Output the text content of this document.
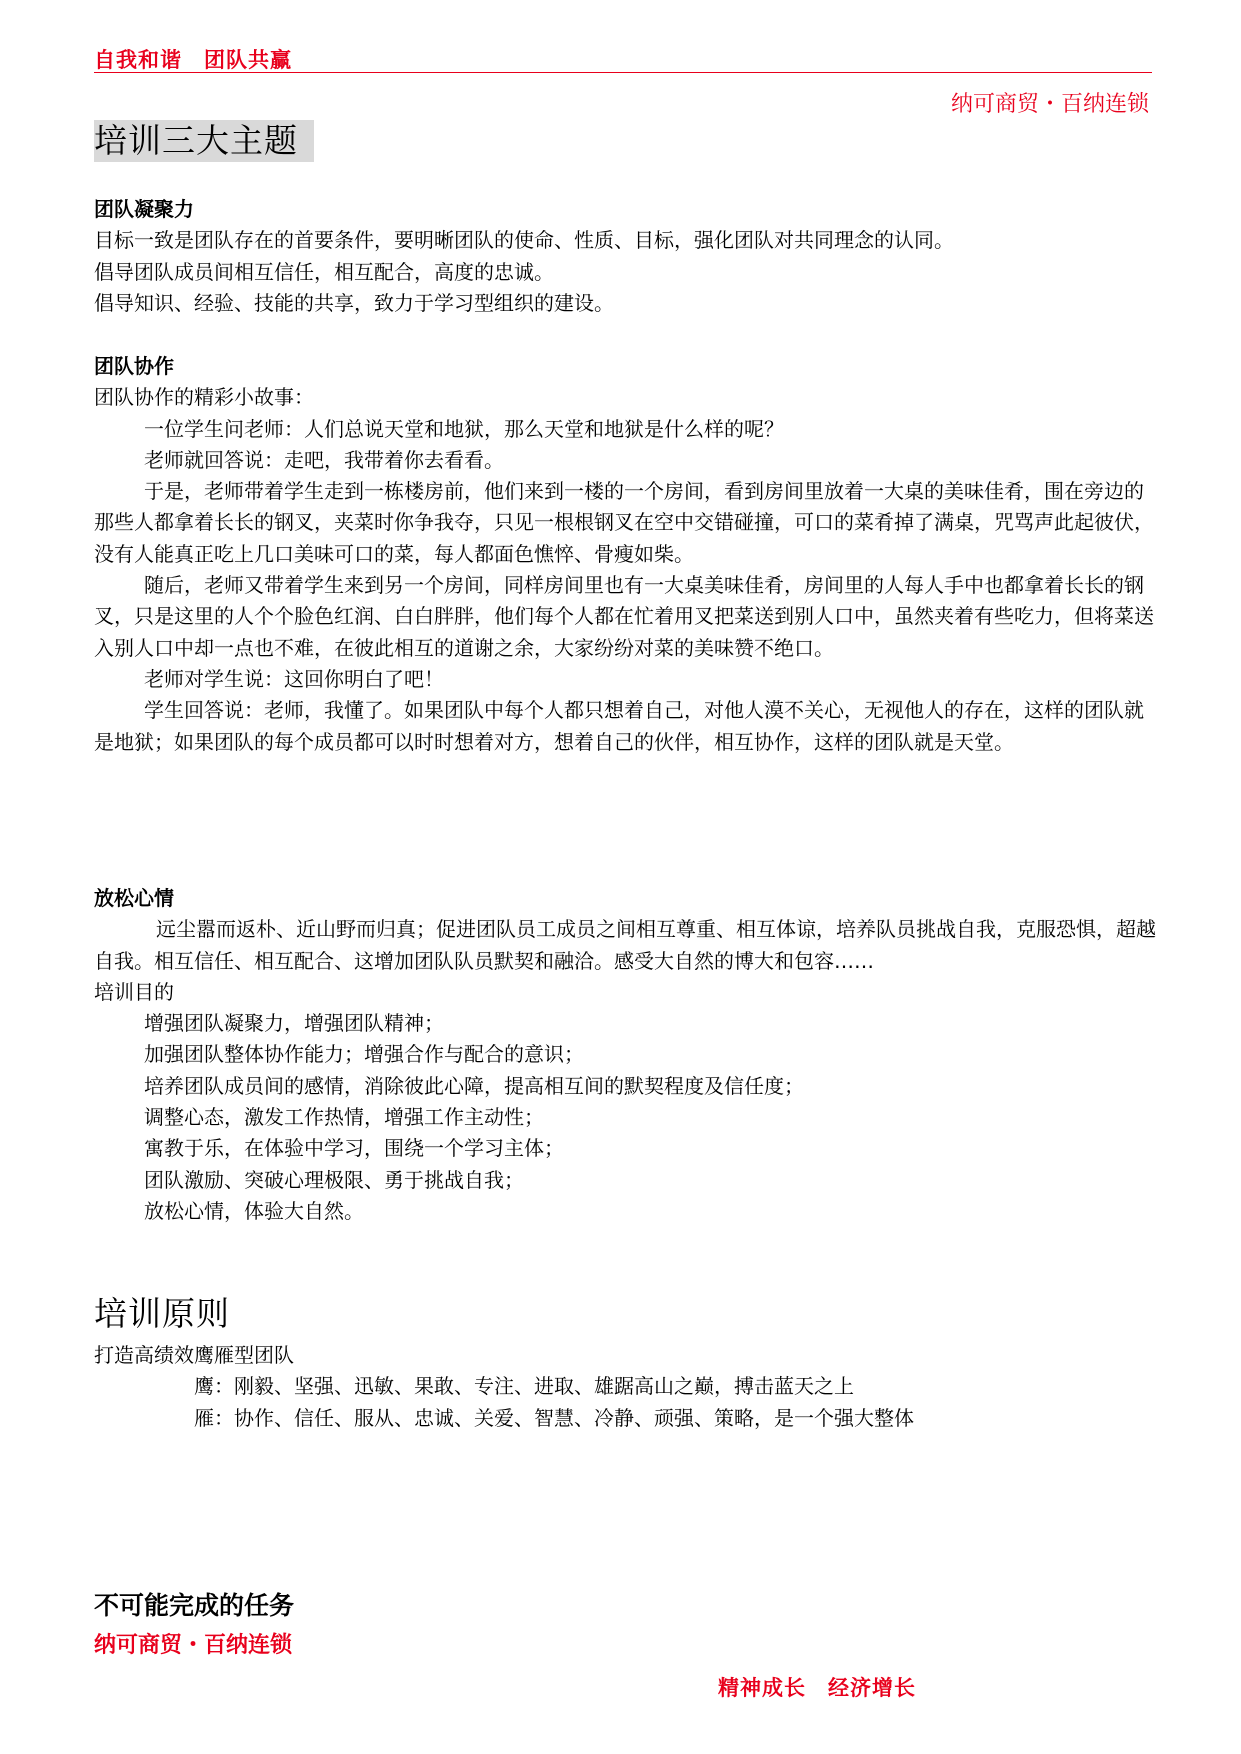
自我和谐　团队共赢
纳可商贸・百纳连锁
培训三大主题

团队凝聚力

目标一致是团队存在的首要条件，要明晰团队的使命、性质、目标，强化团队对共同理念的认同。

倡导团队成员间相互信任，相互配合，高度的忠诚。

倡导知识、经验、技能的共享，致力于学习型组织的建设。

团队协作

团队协作的精彩小故事：

一位学生问老师：人们总说天堂和地狱，那么天堂和地狱是什么样的呢？

老师就回答说：走吧，我带着你去看看。

于是，老师带着学生走到一栋楼房前，他们来到一楼的一个房间，看到房间里放着一大桌的美味佳肴，围在旁边的那些人都拿着长长的钢叉，夹菜时你争我夺，只见一根根钢叉在空中交错碰撞，可口的菜肴掉了满桌，咒骂声此起彼伏，没有人能真正吃上几口美味可口的菜，每人都面色憔悴、骨瘦如柴。

随后，老师又带着学生来到另一个房间，同样房间里也有一大桌美味佳肴，房间里的人每人手中也都拿着长长的钢叉，只是这里的人个个脸色红润、白白胖胖，他们每个人都在忙着用叉把菜送到别人口中，虽然夹着有些吃力，但将菜送入别人口中却一点也不难，在彼此相互的道谢之余，大家纷纷对菜的美味赞不绝口。

老师对学生说：这回你明白了吧！

学生回答说：老师，我懂了。如果团队中每个人都只想着自己，对他人漠不关心，无视他人的存在，这样的团队就是地狱；如果团队的每个成员都可以时时想着对方，想着自己的伙伴，相互协作，这样的团队就是天堂。

放松心情

远尘嚣而返朴、近山野而归真；促进团队员工成员之间相互尊重、相互体谅，培养队员挑战自我，克服恐惧，超越自我。相互信任、相互配合、这增加团队队员默契和融洽。感受大自然的博大和包容……

培训目的

增强团队凝聚力，增强团队精神；

加强团队整体协作能力；增强合作与配合的意识；

培养团队成员间的感情，消除彼此心障，提高相互间的默契程度及信任度；

调整心态，激发工作热情，增强工作主动性；

寓教于乐，在体验中学习，围绕一个学习主体；

团队激励、突破心理极限、勇于挑战自我；

放松心情，体验大自然。

培训原则

打造高绩效鹰雁型团队

鹰：刚毅、坚强、迅敏、果敢、专注、进取、雄踞高山之巅，搏击蓝天之上

雁：协作、信任、服从、忠诚、关爱、智慧、冷静、顽强、策略，是一个强大整体

不可能完成的任务
纳可商贸・百纳连锁
精神成长　经济增长
